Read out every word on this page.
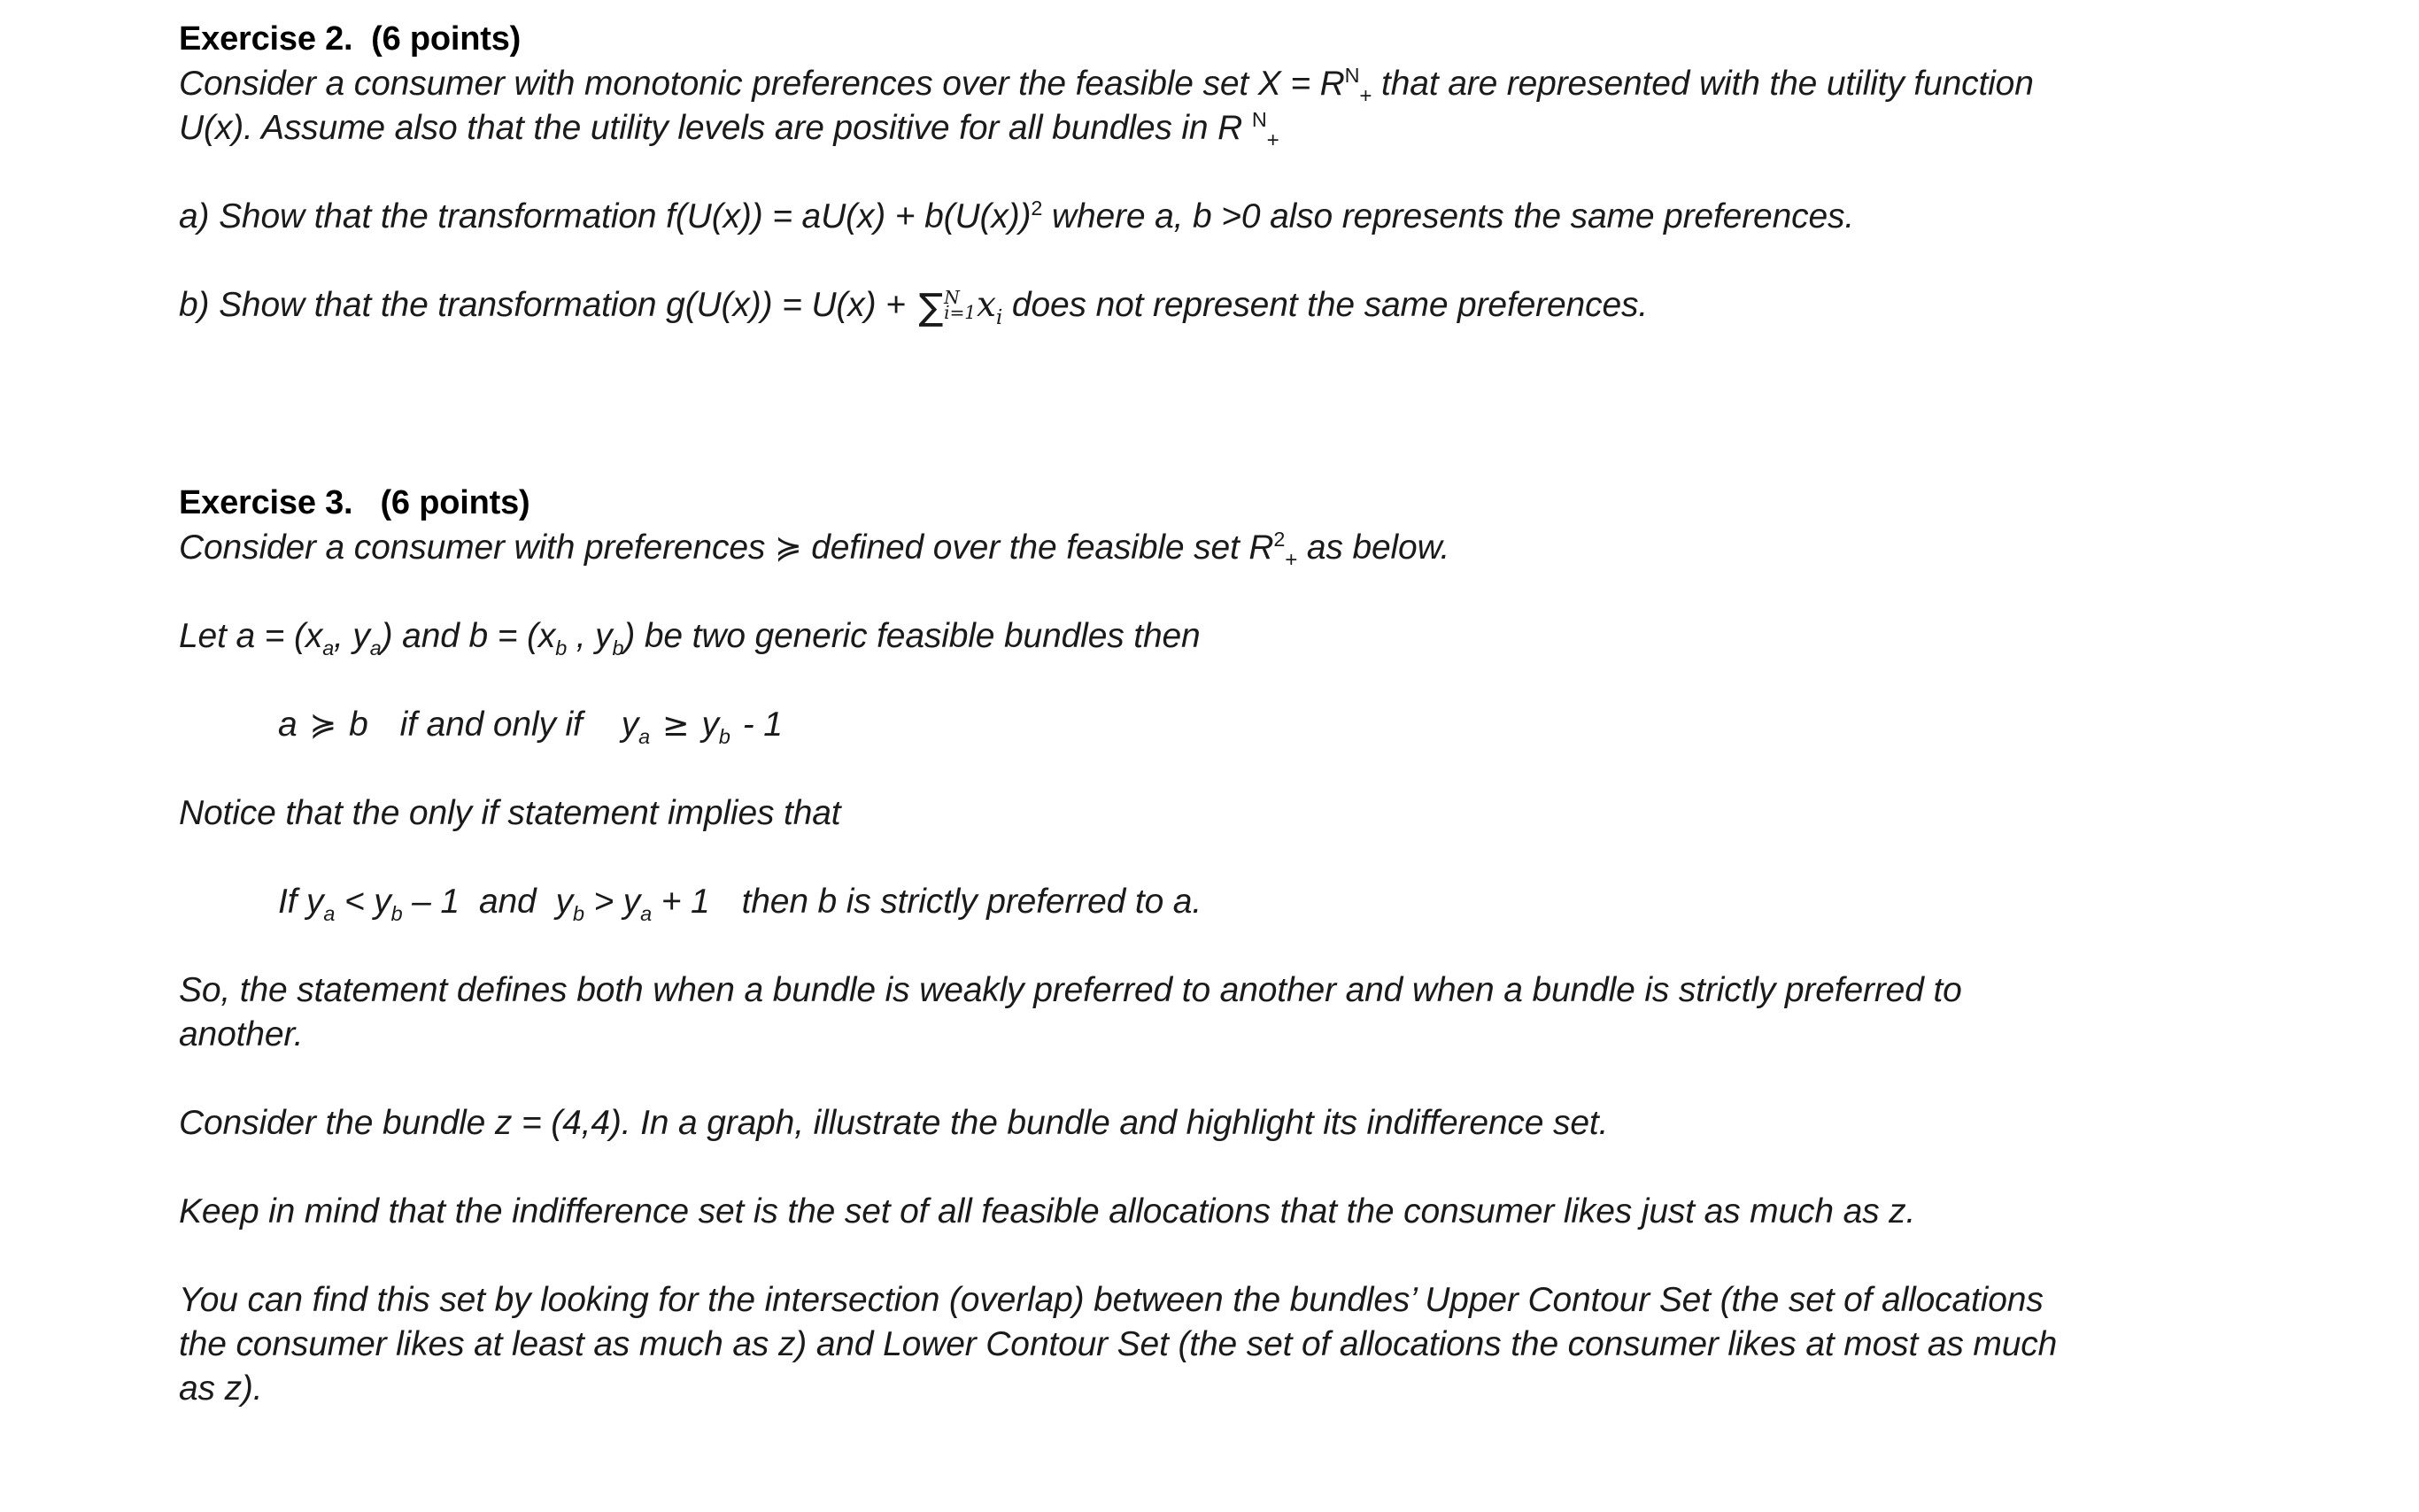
Exercise 2.  (6 points)
Consider a consumer with monotonic preferences over the feasible set $X = R^N_+$ that are represented with the utility function
U(x). Assume also that the utility levels are positive for all bundles in R $^N_+$
a) Show that the transformation $f(U(x)) = aU(x) + b(U(x))^2$ where a, b >0 also represents the same preferences.
b) Show that the transformation g(U(x)) = U(x) + ∑ N
i=1 $x_i$ does not represent the same preferences.
Exercise 3.   (6 points)
Consider a consumer with preferences ≽ defined over the feasible set $R^2_+$ as below.
Let $a = (x_a$, $y_a$) and $b = (x_b$ , $y_b$) be two generic feasible bundles then
a ≽ b if and only if $y_a \ge y_b - 1$
Notice that the only if statement implies that
If $y_a < y_b - 1$ and $y_b > y_a + 1$ then b is strictly preferred to a.
So, the statement defines both when a bundle is weakly preferred to another and when a bundle is strictly preferred to
another.
Consider the bundle z = (4,4). In a graph, illustrate the bundle and highlight its indifference set.
Keep in mind that the indifference set is the set of all feasible allocations that the consumer likes just as much as z.
You can find this set by looking for the intersection (overlap) between the bundles’ Upper Contour Set (the set of allocations
the consumer likes at least as much as z) and Lower Contour Set (the set of allocations the consumer likes at most as much
as z).
